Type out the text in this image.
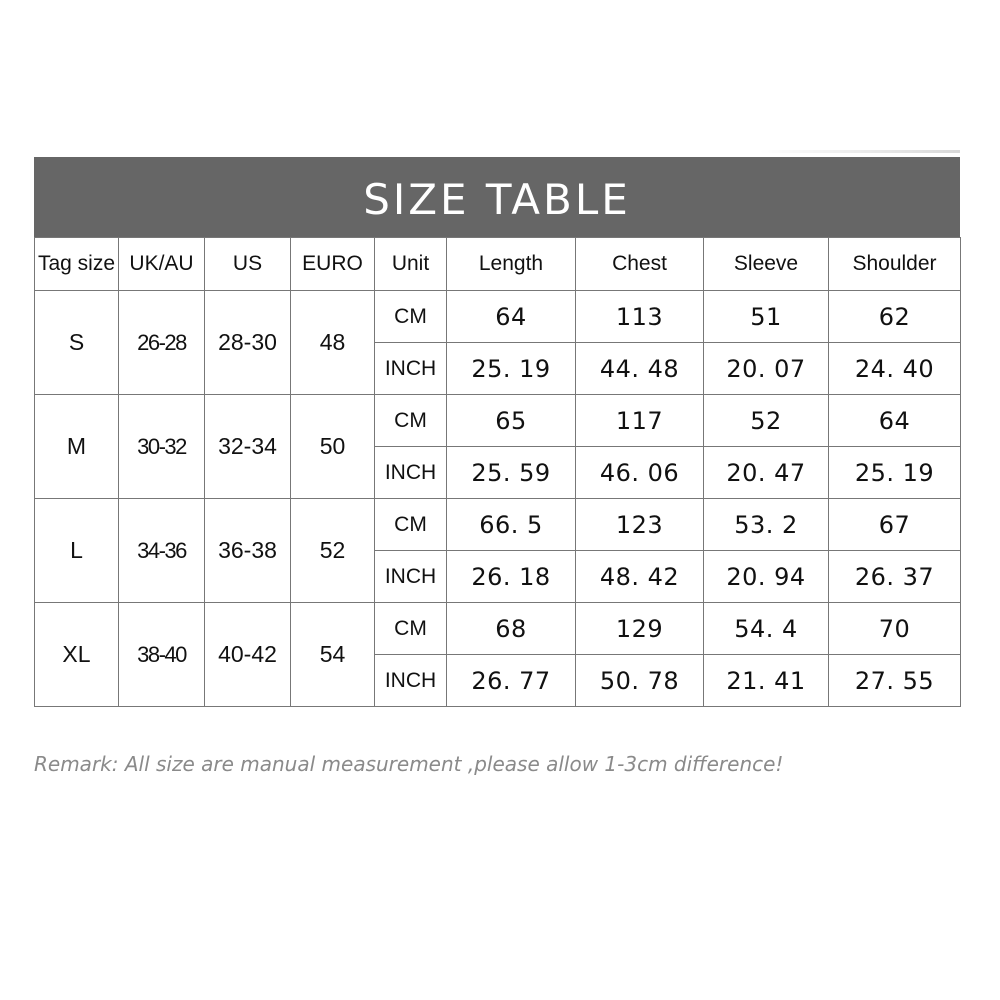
SIZE TABLE
Tag size	UK/AU	US	EURO	Unit	Length	Chest	Sleeve	Shoulder
S	26-28	28-30	48	CM	64	113	51	62
				INCH	25. 19	44. 48	20. 07	24. 40
M	30-32	32-34	50	CM	65	117	52	64
				INCH	25. 59	46. 06	20. 47	25. 19
L	34-36	36-38	52	CM	66. 5	123	53. 2	67
				INCH	26. 18	48. 42	20. 94	26. 37
XL	38-40	40-42	54	CM	68	129	54. 4	70
				INCH	26. 77	50. 78	21. 41	27. 55
Remark: All size are manual measurement ,please allow 1-3cm difference!
